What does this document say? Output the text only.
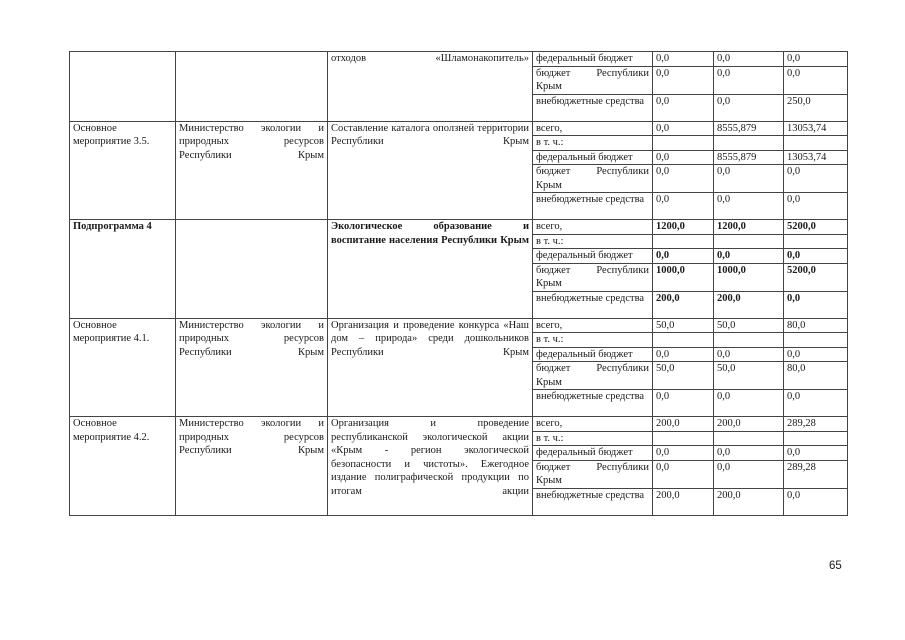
		отходов «Шламонакопитель»	федеральный бюджет	0,0	0,0	0,0
			бюджет Республики Крым	0,0	0,0	0,0
			внебюджетные средства	0,0	0,0	250,0
Основное мероприятие 3.5.	Министерство экологии и природных ресурсов Республики Крым	Составление каталога оползней территории Республики Крым	всего,	0,0	8555,879	13053,74
			в т. ч.:			
			федеральный бюджет	0,0	8555,879	13053,74
			бюджет Республики Крым	0,0	0,0	0,0
			внебюджетные средства	0,0	0,0	0,0
Подпрограмма 4		Экологическое образование и воспитание населения Республики Крым	всего,	1200,0	1200,0	5200,0
			в т. ч.:			
			федеральный бюджет	0,0	0,0	0,0
			бюджет Республики Крым	1000,0	1000,0	5200,0
			внебюджетные средства	200,0	200,0	0,0
Основное мероприятие 4.1.	Министерство экологии и природных ресурсов Республики Крым	Организация и проведение конкурса «Наш дом – природа» среди дошкольников Республики Крым	всего,	50,0	50,0	80,0
			в т. ч.:			
			федеральный бюджет	0,0	0,0	0,0
			бюджет Республики Крым	50,0	50,0	80,0
			внебюджетные средства	0,0	0,0	0,0
Основное мероприятие 4.2.	Министерство экологии и природных ресурсов Республики Крым	Организация и проведение республиканской экологической акции «Крым - регион экологической безопасности и чистоты». Ежегодное издание полиграфической продукции по итогам акции	всего,	200,0	200,0	289,28
			в т. ч.:			
			федеральный бюджет	0,0	0,0	0,0
			бюджет Республики Крым	0,0	0,0	289,28
			внебюджетные средства	200,0	200,0	0,0
65
